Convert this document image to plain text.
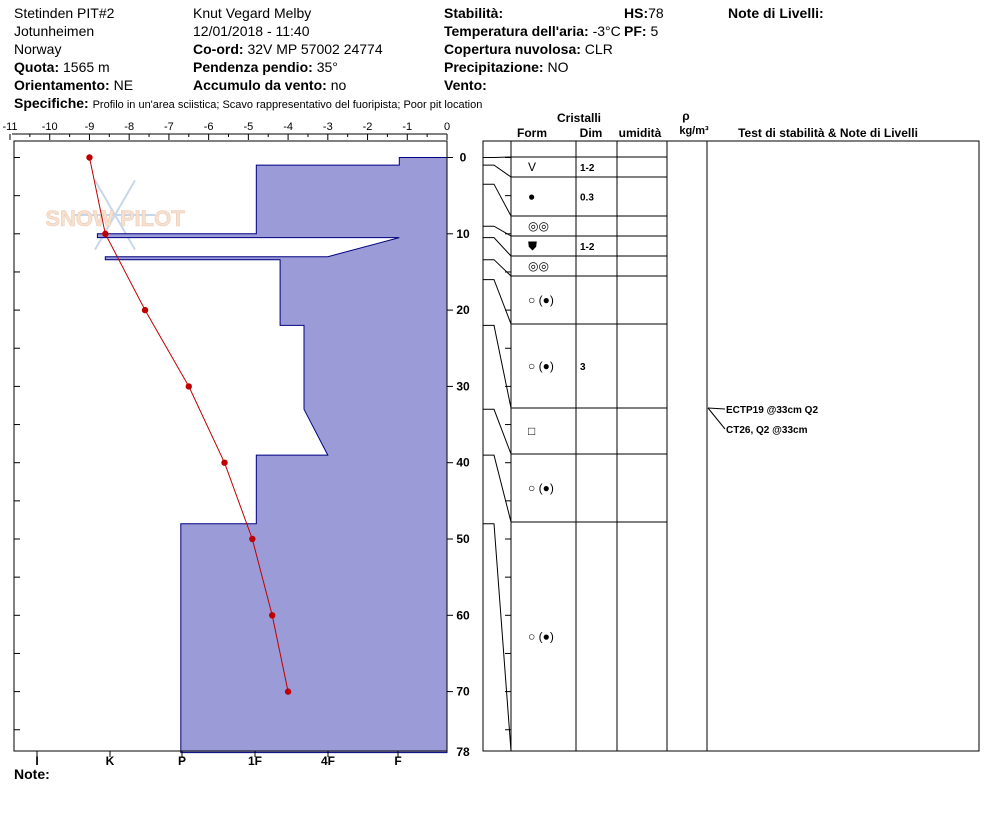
Stetinden PIT#2
Jotunheimen
Norway
Quota: 1565 m
Orientamento: NE
Knut Vegard Melby
12/01/2018 - 11:40
Co-ord: 32V MP 57002 24774
Pendenza pendio: 35°
Accumulo da vento: no
Stabilità:	HS:78
Temperatura dell'aria: -3°C PF: 5
Copertura nuvolosa: CLR
Precipitazione: NO
Vento:
Note di Livelli:
Specifiche: Profilo in un'area sciistica; Scavo rappresentativo del fuoripista; Poor pit location
Note:
Cristalli
Form	Dim umidità
ρ
kg/m³ Test di stabilità & Note di Livelli
SNOW PILOT
-11 -10 -9	-8	-7	-6	-5	-4	-3	-2	-1	0
0
10
20
30
40
50
60
70
78
I	K	P	1F	4F	F
V	1-2
●	0.3
◎◎
⛊	1-2
◎◎
○ (●)
○ (●)	3
□
○ (●)
○ (●)
ECTP19 @33cm Q2
CT26, Q2 @33cm
